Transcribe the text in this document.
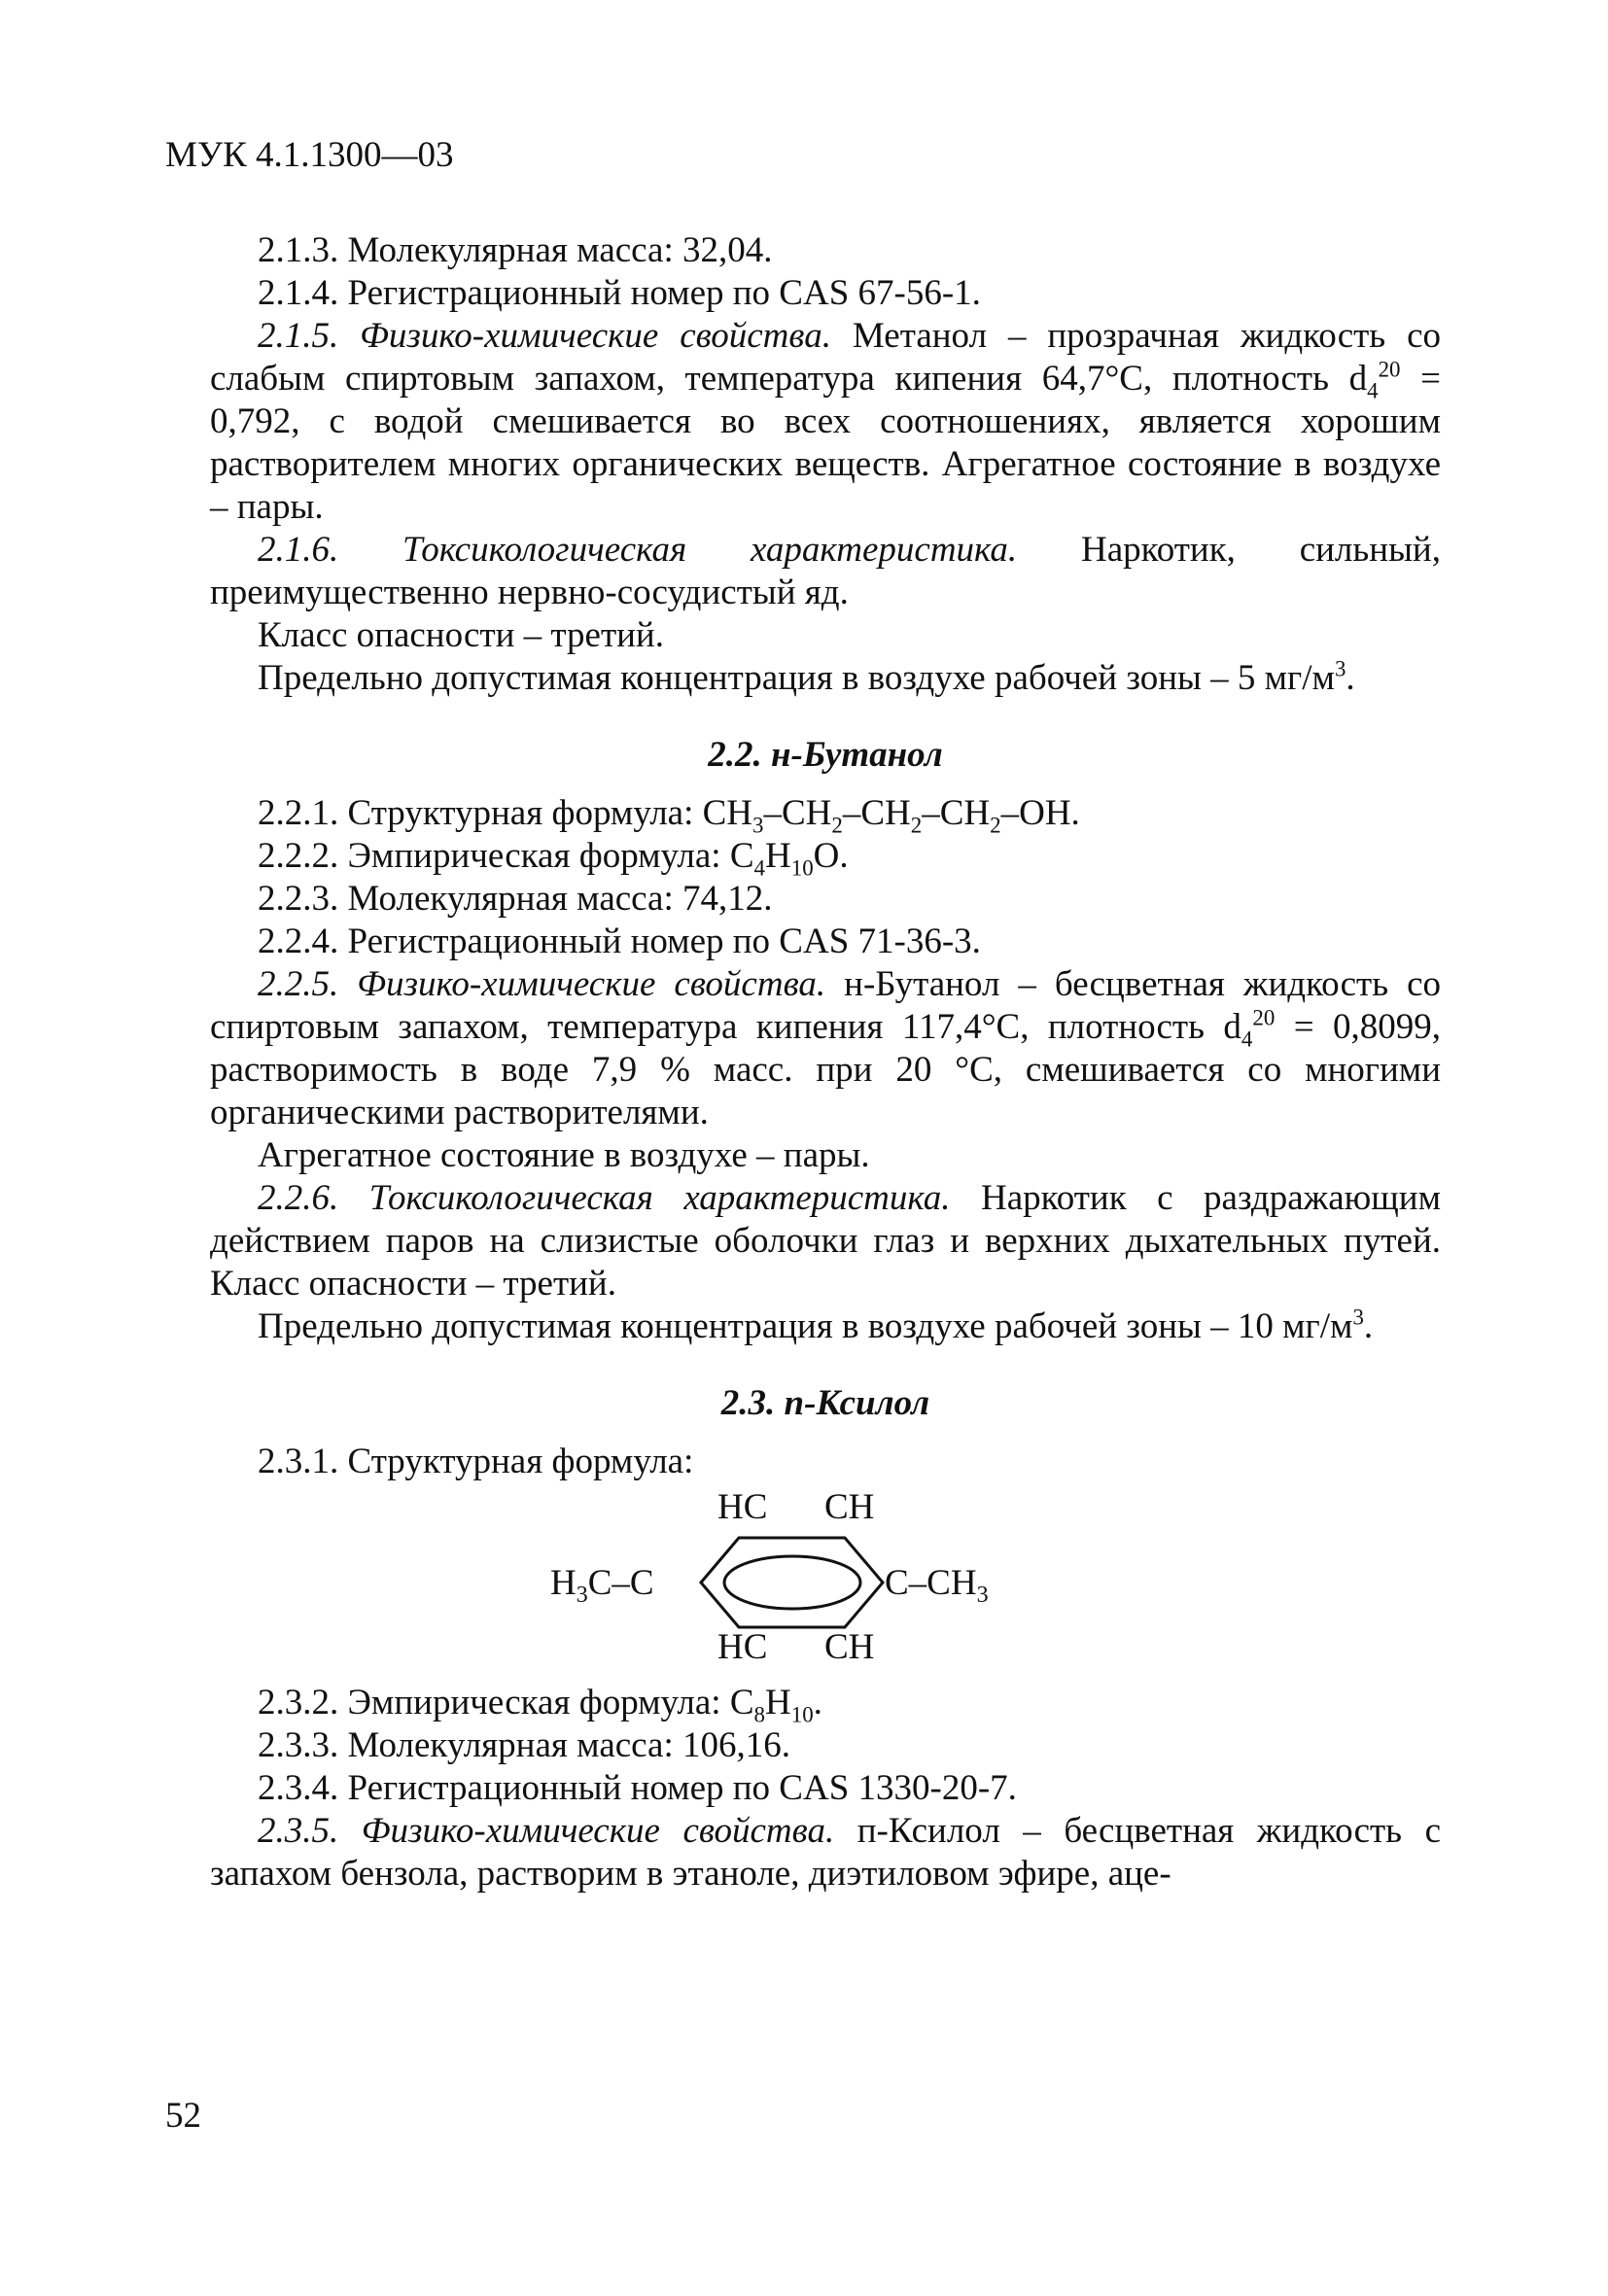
МУК 4.1.1300—03

2.1.3. Молекулярная масса: 32,04.

2.1.4. Регистрационный номер по CAS 67-56-1.

2.1.5. Физико-химические свойства. Метанол – прозрачная жидкость со слабым спиртовым запахом, температура кипения 64,7°С, плотность $d_4^{20} = 0,792$, с водой смешивается во всех соотношениях, является хорошим растворителем многих органических веществ. Агрегатное состояние в воздухе – пары.

2.1.6. Токсикологическая характеристика. Наркотик, сильный, преимущественно нервно-сосудистый яд.

Класс опасности – третий.

Предельно допустимая концентрация в воздухе рабочей зоны – 5 $мг/м^3$.

2.2. н-Бутанол

2.2.1. Структурная формула: $CH_3-CH_2-CH_2-CH_2-OH$.

2.2.2. Эмпирическая формула: $C_4H_{10}O$.

2.2.3. Молекулярная масса: 74,12.

2.2.4. Регистрационный номер по CAS 71-36-3.

2.2.5. Физико-химические свойства. н-Бутанол – бесцветная жидкость со спиртовым запахом, температура кипения 117,4°С, плотность $d_4^{20} = 0,8099$, растворимость в воде 7,9 % масс. при 20 °С, смешивается со многими органическими растворителями.

Агрегатное состояние в воздухе – пары.

2.2.6. Токсикологическая характеристика. Наркотик с раздражающим действием паров на слизистые оболочки глаз и верхних дыхательных путей. Класс опасности – третий.

Предельно допустимая концентрация в воздухе рабочей зоны – 10 $мг/м^3$.

2.3. п-Ксилол

2.3.1. Структурная формула:

HC CH
HC CH
$H_3C-C$	$C-CH_3$

2.3.2. Эмпирическая формула: $C_8H_{10}$.

2.3.3. Молекулярная масса: 106,16.

2.3.4. Регистрационный номер по CAS 1330-20-7.

2.3.5. Физико-химические свойства. п-Ксилол – бесцветная жидкость с запахом бензола, растворим в этаноле, диэтиловом эфире, аце-

52
